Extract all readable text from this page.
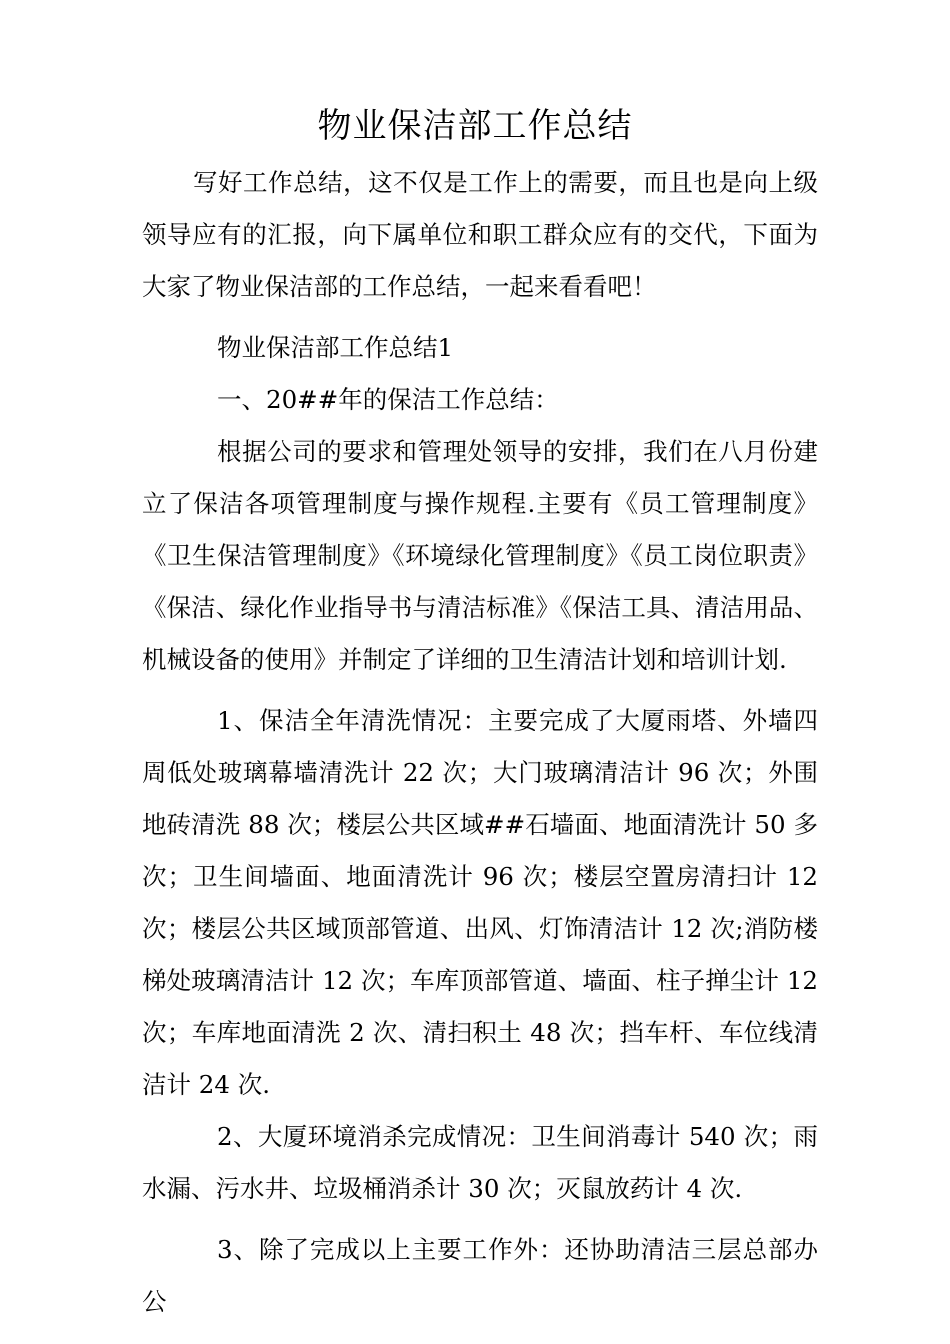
物业保洁部工作总结

写好工作总结，这不仅是工作上的需要，而且也是向上级领导应有的汇报，向下属单位和职工群众应有的交代，下面为大家了物业保洁部的工作总结，一起来看看吧！

物业保洁部工作总结1

一、20##年的保洁工作总结：

根据公司的要求和管理处领导的安排，我们在八月份建立了保洁各项管理制度与操作规程.主要有《员工管理制度》《卫生保洁管理制度》《环境绿化管理制度》《员工岗位职责》《保洁、绿化作业指导书与清洁标准》《保洁工具、清洁用品、机械设备的使用》并制定了详细的卫生清洁计划和培训计划.

1、保洁全年清洗情况：主要完成了大厦雨塔、外墙四周低处玻璃幕墙清洗计 22 次；大门玻璃清洁计 96 次；外围地砖清洗 88 次；楼层公共区域##石墙面、地面清洗计 50 多次；卫生间墙面、地面清洗计 96 次；楼层空置房清扫计 12 次；楼层公共区域顶部管道、出风、灯饰清洁计 12 次;消防楼梯处玻璃清洁计 12 次；车库顶部管道、墙面、柱子掸尘计 12 次；车库地面清洗 2 次、清扫积土 48 次；挡车杆、车位线清洁计 24 次.

2、大厦环境消杀完成情况：卫生间消毒计 540 次；雨水漏、污水井、垃圾桶消杀计 30 次；灭鼠放药计 4 次.

3、除了完成以上主要工作外：还协助清洁三层总部办公
